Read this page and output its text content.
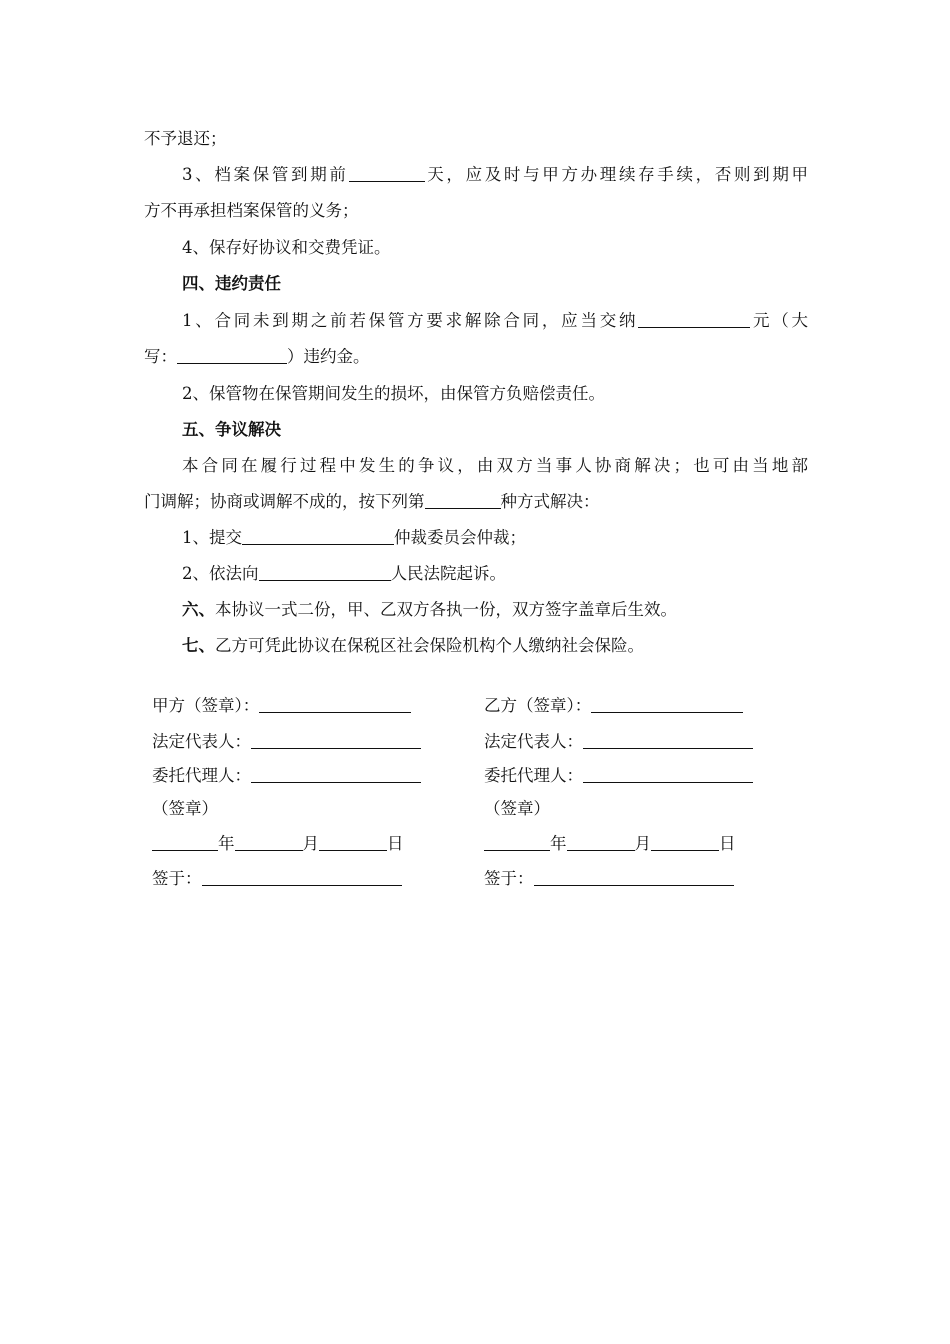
不予退还；
3、档案保管到期前	天，应及时与甲方办理续存手续，否则到期甲
方不再承担档案保管的义务；
4、保存好协议和交费凭证。
四、违约责任
1、合同未到期之前若保管方要求解除合同，应当交纳	元（大
写：	）违约金。
2、保管物在保管期间发生的损坏，由保管方负赔偿责任。
五、争议解决
本合同在履行过程中发生的争议，由双方当事人协商解决；也可由当地部
门调解；协商或调解不成的，按下列第	种方式解决：
1、提交	仲裁委员会仲裁；
2、依法向	人民法院起诉。
六、本协议一式二份，甲、乙双方各执一份，双方签字盖章后生效。
七、乙方可凭此协议在保税区社会保险机构个人缴纳社会保险。
甲方（签章）：
法定代表人：
委托代理人：
（签章）
年	月	日
签于：
乙方（签章）：
法定代表人：
委托代理人：
（签章）
年	月	日
签于：
